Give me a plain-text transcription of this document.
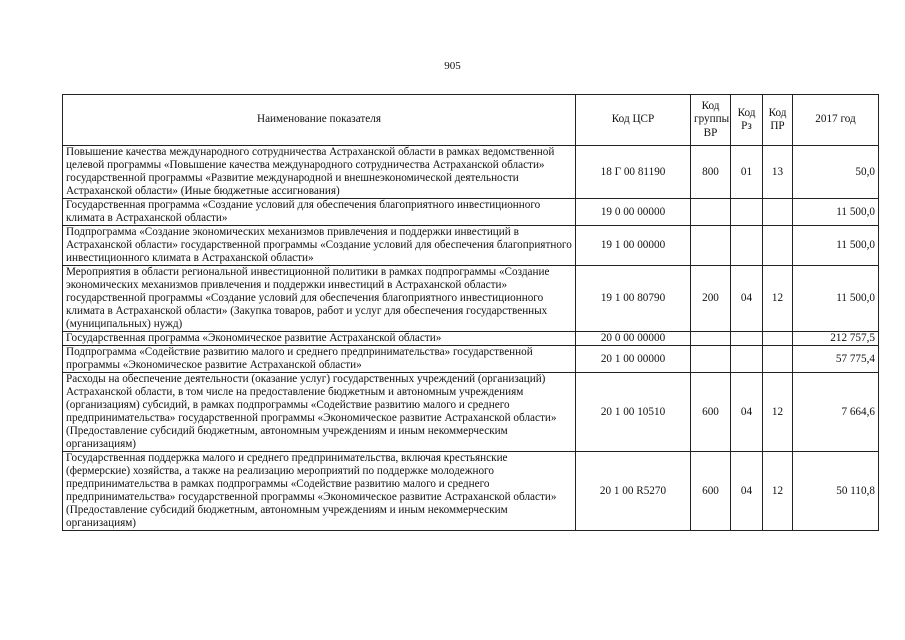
905
Наименование показателя	Код ЦСР	Код группы ВР	Код Рз	Код ПР	2017 год
Повышение качества международного сотрудничества Астраханской области в рамках ведомственной целевой программы «Повышение качества международного сотрудничества Астраханской области» государственной программы «Развитие международной и внешнеэкономической деятельности Астраханской области» (Иные бюджетные ассигнования)	18 Г 00 81190	800	01	13	50,0
Государственная программа «Создание условий для обеспечения благоприятного инвестиционного климата в Астраханской области»	19 0 00 00000				11 500,0
Подпрограмма «Создание экономических механизмов привлечения и поддержки инвестиций в Астраханской области» государственной программы «Создание условий для обеспечения благоприятного инвестиционного климата в Астраханской области»	19 1 00 00000				11 500,0
Мероприятия в области региональной инвестиционной политики в рамках подпрограммы «Создание экономических механизмов привлечения и поддержки инвестиций в Астраханской области» государственной программы «Создание условий для обеспечения благоприятного инвестиционного климата в Астраханской области» (Закупка товаров, работ и услуг для обеспечения государственных (муниципальных) нужд)	19 1 00 80790	200	04	12	11 500,0
Государственная программа «Экономическое развитие Астраханской области»	20 0 00 00000				212 757,5
Подпрограмма «Содействие развитию малого и среднего предпринимательства» государственной программы «Экономическое развитие Астраханской области»	20 1 00 00000				57 775,4
Расходы на обеспечение деятельности (оказание услуг) государственных учреждений (организаций) Астраханской области, в том числе на предоставление бюджетным и автономным учреждениям (организациям) субсидий, в рамках подпрограммы «Содействие развитию малого и среднего предпринимательства» государственной программы «Экономическое развитие Астраханской области» (Предоставление субсидий бюджетным, автономным учреждениям и иным некоммерческим организациям)	20 1 00 10510	600	04	12	7 664,6
Государственная поддержка малого и среднего предпринимательства, включая крестьянские (фермерские) хозяйства, а также на реализацию мероприятий по поддержке молодежного предпринимательства в рамках подпрограммы «Содействие развитию малого и среднего предпринимательства» государственной программы «Экономическое развитие Астраханской области» (Предоставление субсидий бюджетным, автономным учреждениям и иным некоммерческим организациям)	20 1 00 R5270	600	04	12	50 110,8
